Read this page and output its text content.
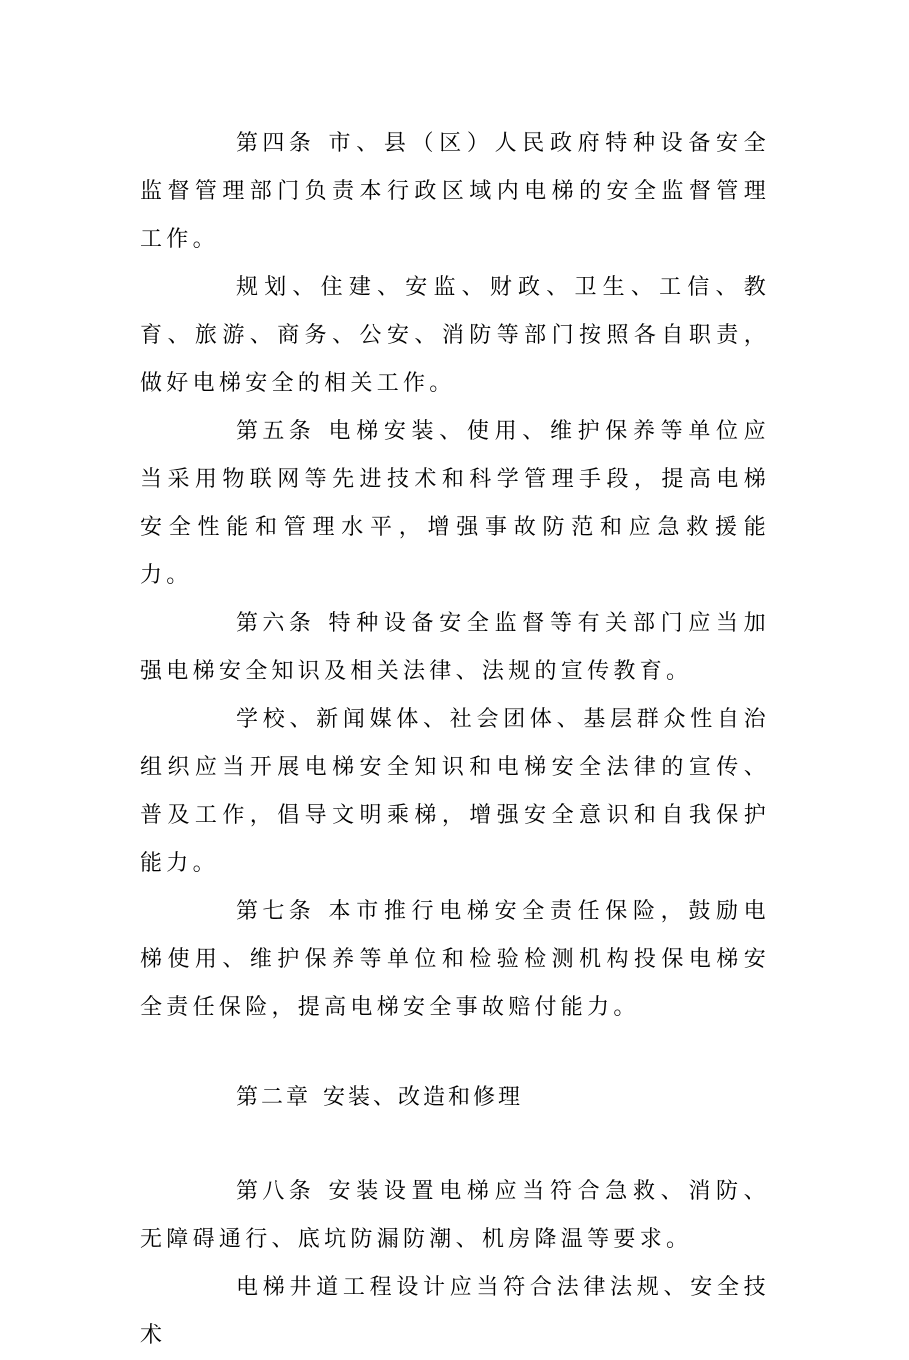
第四条 市、县（区）人民政府特种设备安全监督管理部门负责本行政区域内电梯的安全监督管理工作。

规划、住建、安监、财政、卫生、工信、教育、旅游、商务、公安、消防等部门按照各自职责，做好电梯安全的相关工作。

第五条 电梯安装、使用、维护保养等单位应当采用物联网等先进技术和科学管理手段，提高电梯安全性能和管理水平，增强事故防范和应急救援能力。

第六条 特种设备安全监督等有关部门应当加强电梯安全知识及相关法律、法规的宣传教育。

学校、新闻媒体、社会团体、基层群众性自治组织应当开展电梯安全知识和电梯安全法律的宣传、普及工作，倡导文明乘梯，增强安全意识和自我保护能力。

第七条 本市推行电梯安全责任保险，鼓励电梯使用、维护保养等单位和检验检测机构投保电梯安全责任保险，提高电梯安全事故赔付能力。

第二章 安装、改造和修理

第八条 安装设置电梯应当符合急救、消防、无障碍通行、底坑防漏防潮、机房降温等要求。

电梯井道工程设计应当符合法律法规、安全技术
